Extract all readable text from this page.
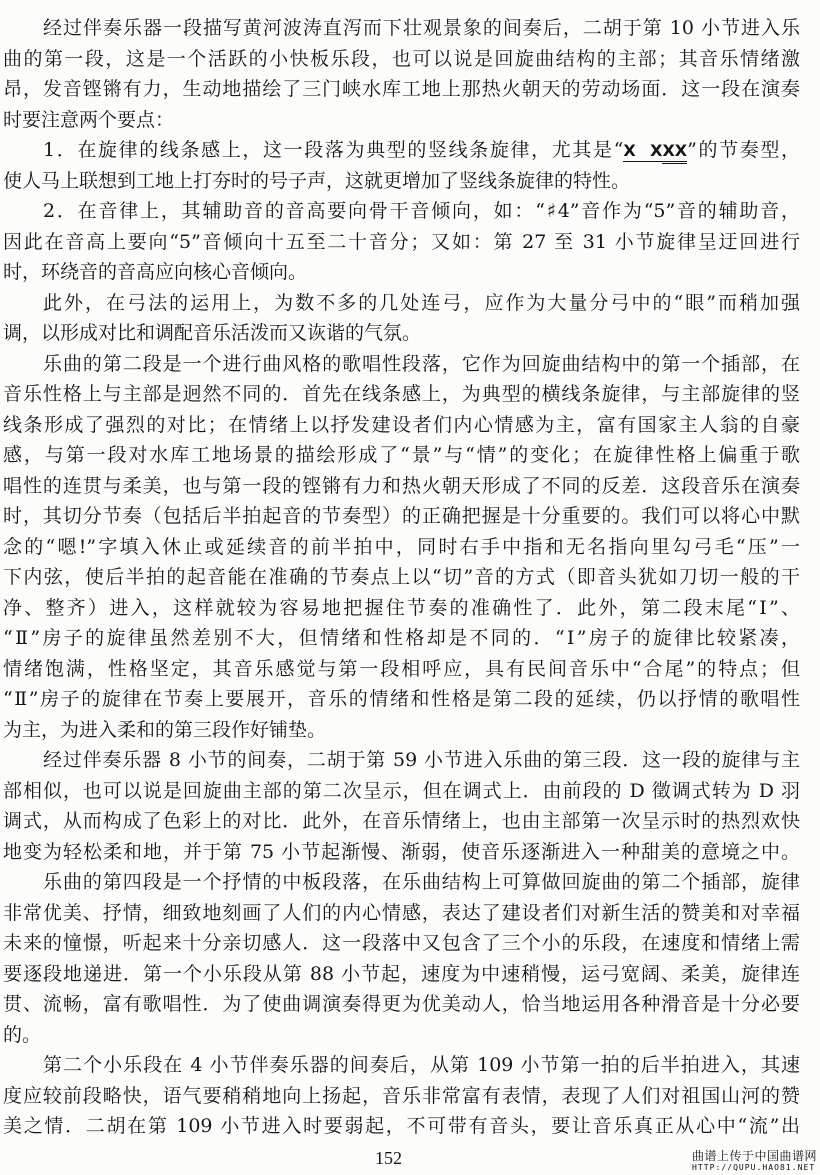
经过伴奏乐器一段描写黄河波涛直泻而下壮观景象的间奏后，二胡于第 10 小节进入乐
曲的第一段，这是一个活跃的小快板乐段，也可以说是回旋曲结构的主部；其音乐情绪激
昂，发音铿锵有力，生动地描绘了三门峡水库工地上那热火朝天的劳动场面．这一段在演奏
时要注意两个要点：
1．在旋律的线条感上，这一段落为典型的竖线条旋律，尤其是“X  XXX”的节奏型，
使人马上联想到工地上打夯时的号子声，这就更增加了竖线条旋律的特性。
2．在音律上，其辅助音的音高要向骨干音倾向，如：“♯4”音作为“5”音的辅助音，
因此在音高上要向“5”音倾向十五至二十音分；又如：第 27 至 31 小节旋律呈迂回进行
时，环绕音的音高应向核心音倾向。
此外，在弓法的运用上，为数不多的几处连弓，应作为大量分弓中的“眼”而稍加强
调，以形成对比和调配音乐活泼而又诙谐的气氛。
乐曲的第二段是一个进行曲风格的歌唱性段落，它作为回旋曲结构中的第一个插部，在
音乐性格上与主部是迥然不同的．首先在线条感上，为典型的横线条旋律，与主部旋律的竖
线条形成了强烈的对比；在情绪上以抒发建设者们内心情感为主，富有国家主人翁的自豪
感，与第一段对水库工地场景的描绘形成了“景”与“情”的变化；在旋律性格上偏重于歌
唱性的连贯与柔美，也与第一段的铿锵有力和热火朝天形成了不同的反差．这段音乐在演奏
时，其切分节奏（包括后半拍起音的节奏型）的正确把握是十分重要的。我们可以将心中默
念的“嗯!”字填入休止或延续音的前半拍中，同时右手中指和无名指向里勾弓毛“压”一
下内弦，使后半拍的起音能在准确的节奏点上以“切”音的方式（即音头犹如刀切一般的干
净、整齐）进入，这样就较为容易地把握住节奏的准确性了．此外，第二段末尾“Ⅰ”、
“Ⅱ”房子的旋律虽然差别不大，但情绪和性格却是不同的．“Ⅰ”房子的旋律比较紧凑，
情绪饱满，性格坚定，其音乐感觉与第一段相呼应，具有民间音乐中“合尾”的特点；但
“Ⅱ”房子的旋律在节奏上要展开，音乐的情绪和性格是第二段的延续，仍以抒情的歌唱性
为主，为进入柔和的第三段作好铺垫。
经过伴奏乐器 8 小节的间奏，二胡于第 59 小节进入乐曲的第三段．这一段的旋律与主
部相似，也可以说是回旋曲主部的第二次呈示，但在调式上．由前段的 D 徵调式转为 D 羽
调式，从而构成了色彩上的对比．此外，在音乐情绪上，也由主部第一次呈示时的热烈欢快
地变为轻松柔和地，并于第 75 小节起渐慢、渐弱，使音乐逐渐进入一种甜美的意境之中。
乐曲的第四段是一个抒情的中板段落，在乐曲结构上可算做回旋曲的第二个插部，旋律
非常优美、抒情，细致地刻画了人们的内心情感，表达了建设者们对新生活的赞美和对幸福
未来的憧憬，听起来十分亲切感人．这一段落中又包含了三个小的乐段，在速度和情绪上需
要逐段地递进．第一个小乐段从第 88 小节起，速度为中速稍慢，运弓宽阔、柔美，旋律连
贯、流畅，富有歌唱性．为了使曲调演奏得更为优美动人，恰当地运用各种滑音是十分必要
的。
第二个小乐段在 4 小节伴奏乐器的间奏后，从第 109 小节第一拍的后半拍进入，其速
度应较前段略快，语气要稍稍地向上扬起，音乐非常富有表情，表现了人们对祖国山河的赞
美之情．二胡在第 109 小节进入时要弱起，不可带有音头，要让音乐真正从心中“流”出
152	曲谱上传于中国曲谱网
HTTP://QUPU.HAO81.NET
